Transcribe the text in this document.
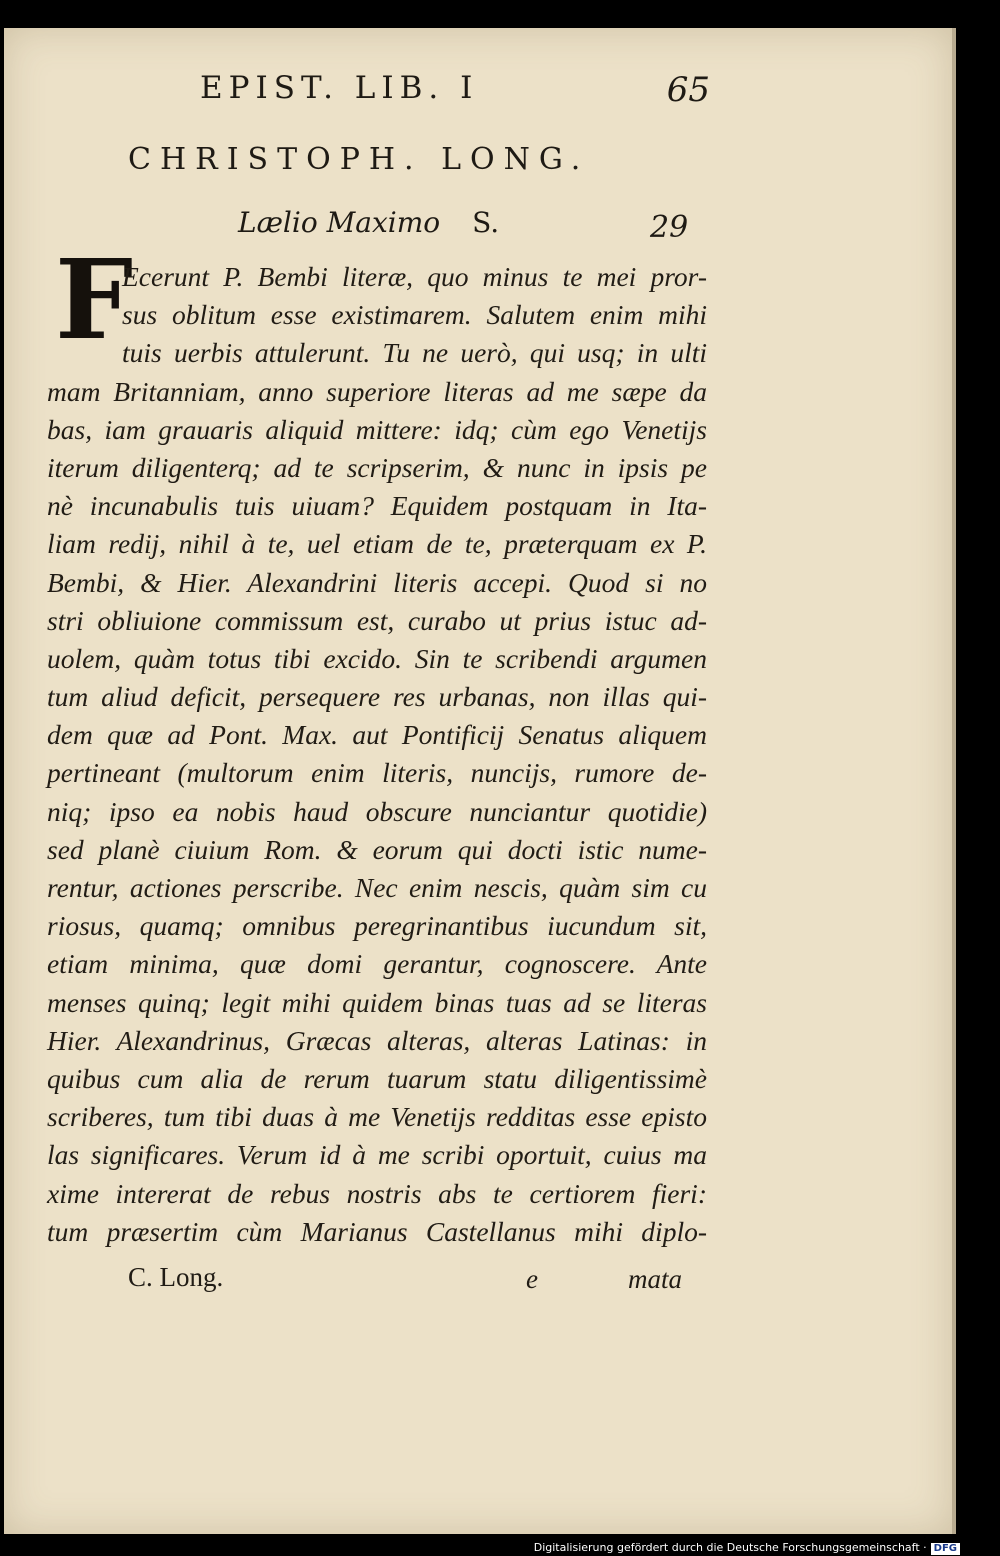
EPIST. LIB. I	65
CHRISTOPH. LONG.
Lælio Maximo S.	29
F
Ecerunt P. Bembi literæ, quo minus te mei pror-
sus oblitum esse existimarem. Salutem enim mihi
tuis uerbis attulerunt. Tu ne uerò, qui usq; in ulti
mam Britanniam, anno superiore literas ad me sæpe da
bas, iam grauaris aliquid mittere: idq; cùm ego Venetijs
iterum diligenterq; ad te scripserim, & nunc in ipsis pe
nè incunabulis tuis uiuam? Equidem postquam in Ita-
liam redij, nihil à te, uel etiam de te, præterquam ex P.
Bembi, & Hier. Alexandrini literis accepi. Quod si no
stri obliuione commissum est, curabo ut prius istuc ad-
uolem, quàm totus tibi excido. Sin te scribendi argumen
tum aliud deficit, persequere res urbanas, non illas qui-
dem quæ ad Pont. Max. aut Pontificij Senatus aliquem
pertineant (multorum enim literis, nuncijs, rumore de-
niq; ipso ea nobis haud obscure nunciantur quotidie)
sed planè ciuium Rom. & eorum qui docti istic nume-
rentur, actiones perscribe. Nec enim nescis, quàm sim cu
riosus, quamq; omnibus peregrinantibus iucundum sit,
etiam minima, quæ domi gerantur, cognoscere. Ante
menses quinq; legit mihi quidem binas tuas ad se literas
Hier. Alexandrinus, Græcas alteras, alteras Latinas: in
quibus cum alia de rerum tuarum statu diligentissimè
scriberes, tum tibi duas à me Venetijs redditas esse episto
las significares. Verum id à me scribi oportuit, cuius ma
xime intererat de rebus nostris abs te certiorem fieri:
tum præsertim cùm Marianus Castellanus mihi diplo-
C. Long.	e	mata
Digitalisierung gefördert durch die Deutsche Forschungsgemeinschaft · DFG
